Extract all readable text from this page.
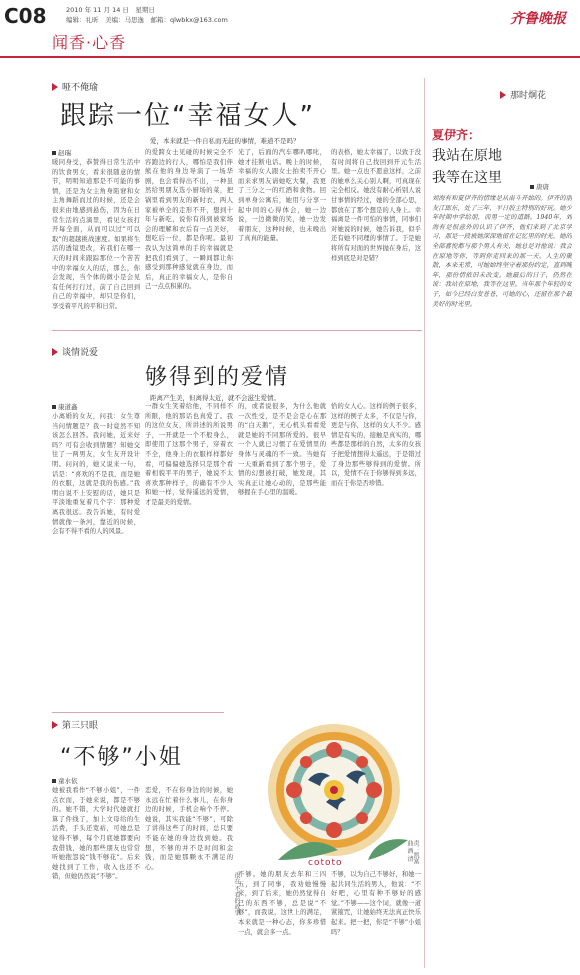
C08	2010 年 11 月 14 日　星期日
编辑：礼昕　美编：马思逸　邮箱：qlwbkx@163.com
闻香·心香
齐鲁晚报
哑不俺瑜
跟踪一位“幸福女人”
爱，本来就是一件自私而无赶的事情，难道不是吗？
赵瑞
暖同身受，恭赞得日常生活中的饮食男女，看来很随意的情节，明明知道那是不可能的事情，还是为女主角身陷窘和女主角舞蹈而过的时候，还是会很来由地感到悬伤，因为在日常生活的点滴里，看见女孩打开每全面，从而可以过”可以取”的超越挑战速度。如果将生活的透镜更改，若我们在哪一天的时间来跟踪那位一个苦苦中的幸福女人的话，那么，你会发现，当个体的微小是会见有任何打行过，前了自己回到自己的幸福中，却只是你们，享受着平凡的平和日常。
的爱跨女士见碰的时候完全不容跑边的行人，哪怕是我们伴熊在他的身边导演了一场华剧，也会看得出不出，一种虽然给男朋友选小厨场的菜，把锅里看到男友的新时衣，两人家被单全的走形不开，想到十年与新吃，说你有得到被家场会的理解和衣后有一点美好，想吃后一位，都是你呢。最初我认为这简单的手的幸福就是把我们看到了，一瞬间都让你感受到那种感觉就在身边，而后，真正的幸福女人，是你自己一点点积累的。
光了，后面的汽车哪叭哪叱，她才挂断电话。晚上的时候，幸福的女人跟女士拍卖不开心而来求男友请她吃大餐，我更了三分之一的红酒和食物。回到单身公寓后，她用与分享一起中间的心得体会，她一边说，一边微微的笑，她一边发着朋友，这种时候，也未晚出了真真的能量。
的表格，她太幸福了，以致于没有时间将自己找回到开元生活里。她一点也不愿意这样，之前的她单么关心别人啊，可真现在完全相反。她没有耐心析别人说甘事情的经过，她的全部心思，都放在了那个想是的人身上。幸福离是一件可怕的事情，同事们对她说的时候，她告诉我，似乎还有她不同理的事情了。于是她将所有对面的世界抛在身后，这样到底是对是错？
那时炯花
夏伊齐：
我站在原地
我等在这里
唐唐
刘海有和夏伊齐的情缘是从南斗开始的。伊齐的朋友江郎东，处了三年，平日胶主特别的好玩。她少年时期中学给朋，而男一定的道路。1940年，刘海有是很意外的认识了伊齐，他们来到了北京学习，那是一段被她深深地留在记忆里的时光，她的全部喜悦都与那个男人有关，她总是对他说：我会在原地等你，等到你走回来的那一天。人生的聚散，本来无常，可她始终坚守着那份约定，直到晚年，那份情依旧未改变。她最后的日子，仍然在说：我站在原地，我等在这里。当年那个年轻的女子，如今已经白发苍苍，可她的心，还留在那个最美好的时光里。
谈情说爱
够得到的爱情
距离产生美，但离得太近，就不会滋生爱情。
康道鑫
小离婚的女友，问我：女生尊当问情题是？我一时竟然不知该怎么回答。我问她，近来好吗？可有会收到情题？知她交往了一两男友，女生友开设计明。问问的，她又说来一句，话是：“喜欢的不是我，而是她的衣服，这就是我的伤感。”我明白说不上安慰的话，她只是平淡地重复着几个字：那种爱离我很远。我告诉她，有时爱情就像一条河，靠近的时候，会有不得不看的人的风景。
一群女生笑着给他，不同样不所限，他的那话也真爱了。我的这位女友，所讲述的所说男子，一开就是一个不般身么，即使用了这那个男子，穿着衣不全，他身上的衣服样样都好看，可偏偏她选择只是那个看着相貌平平的男子，她说不太喜欢那种样子，的确有不少人和她一样，觉得遥远的爱情，才是最美的爱情。
的，或者说很多，为什么他就一次性受，是不是会是心在那的“白天鹅”，无心机头看看爱就是她的不同那所爱的。很早一个人就已习惯了在爱情里的身体与灵魂的不一致。当她有一天重新看到了那个男子，爱情的幻想被打破，她发现，其实真正让她心动的，是那些能够握在手心里的温暖。
恰的女人心。这样的例子很多，这样的例子太多，不仅是与你，更是与你，这样的女人不少。感情是有实的，接触是真实的，哪些都是那样的自然，太多的女孩子把爱情想得太遥远，于是错过了身边那些够得到的爱情。所以，爱情不在于你够得到多远，而在于你是否珍惜。
第三只眼
“不够”小姐
童水依
她被我看作“不够小姐”，一件点衣而，于她来说，都是不够的。她不错，大学时代她就打算了件线了，加上文母给的生活费，手头还宽裕，可她总是觉得不够，每个月底她都要向我借钱，她的那些朋友也常常听她抱怨说“钱不够花”。后来她找到了工作，收入也还不错，但她仍然说“不够”。
恋爱，不在你身边的时候，她永远在忙着什么事儿，在你身边的时候，手机会响个不停。她说，其实我能“不够”，可除了讲得这些了的时间，总只要不能在她的身边找到她。我想，不够的并不是时间和金钱，而是她那颗永不满足的心。
不够。她的朋友去年和三四五，到了同事，我劝她慢慢来，到了后来，她仍然觉得自己的东西不够，总是说“不够”，而我说，这世上的满足，本来就是一种心态，你多珍惜一点，就会多一点。
不够，以为自己不够好，和她一起共同生活的男人，他说：“不好吧，心里有种不够好的感觉。”不够——这个词，就像一道紧箍咒，让她始终无法真正快乐起来。把一把，你是“不够”小姐吗？
cototo	责：凯富
曲 酒 清
很在 不看的故事
